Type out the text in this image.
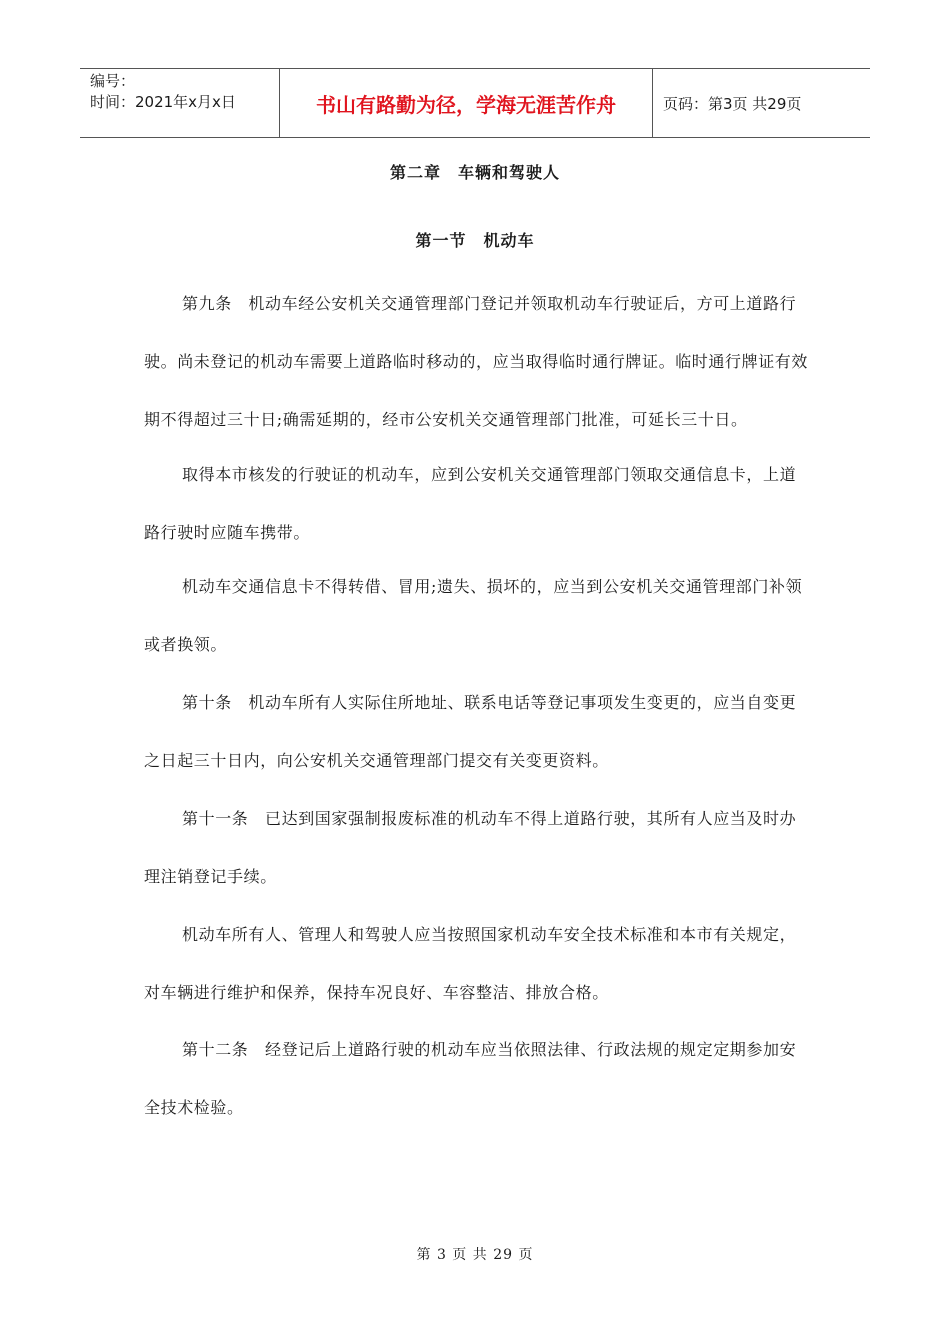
编号：
时间：2021年x月x日	书山有路勤为径，学海无涯苦作舟	页码：第3页 共29页
第二章　车辆和驾驶人
第一节　机动车

第九条　机动车经公安机关交通管理部门登记并领取机动车行驶证后，方可上道路行驶。尚未登记的机动车需要上道路临时移动的，应当取得临时通行牌证。临时通行牌证有效期不得超过三十日;确需延期的，经市公安机关交通管理部门批准，可延长三十日。

取得本市核发的行驶证的机动车，应到公安机关交通管理部门领取交通信息卡，上道路行驶时应随车携带。

机动车交通信息卡不得转借、冒用;遗失、损坏的，应当到公安机关交通管理部门补领或者换领。

第十条　机动车所有人实际住所地址、联系电话等登记事项发生变更的，应当自变更之日起三十日内，向公安机关交通管理部门提交有关变更资料。

第十一条　已达到国家强制报废标准的机动车不得上道路行驶，其所有人应当及时办理注销登记手续。

机动车所有人、管理人和驾驶人应当按照国家机动车安全技术标准和本市有关规定，对车辆进行维护和保养，保持车况良好、车容整洁、排放合格。

第十二条　经登记后上道路行驶的机动车应当依照法律、行政法规的规定定期参加安全技术检验。

第 3 页 共 29 页
